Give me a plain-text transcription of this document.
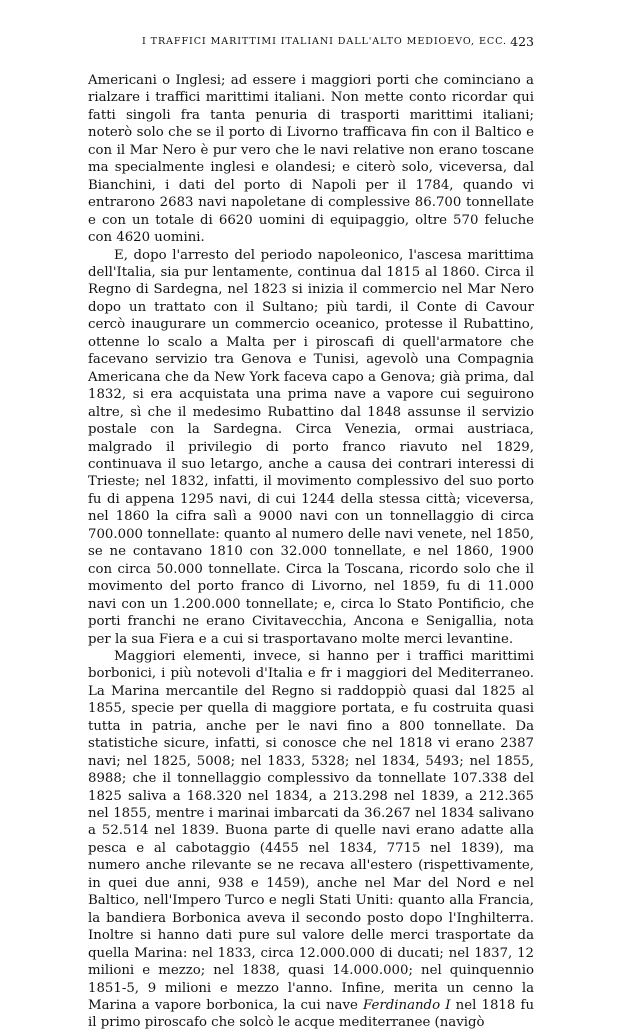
I TRAFFICI MARITTIMI ITALIANI DALL'ALTO MEDIOEVO, ECC. 423

Americani o Inglesi; ad essere i maggiori porti che cominciano a rialzare i traffici marittimi italiani. Non mette conto ricordar qui fatti singoli fra tanta penuria di trasporti marittimi italiani; noterò solo che se il porto di Livorno trafficava fin con il Baltico e con il Mar Nero è pur vero che le navi relative non erano toscane ma specialmente inglesi e olandesi; e citerò solo, viceversa, dal Bianchini, i dati del porto di Napoli per il 1784, quando vi entrarono 2683 navi napoletane di complessive 86.700 tonnellate e con un totale di 6620 uomini di equipaggio, oltre 570 feluche con 4620 uomini.

E, dopo l'arresto del periodo napoleonico, l'ascesa marittima dell'Italia, sia pur lentamente, continua dal 1815 al 1860. Circa il Regno di Sardegna, nel 1823 si inizia il commercio nel Mar Nero dopo un trattato con il Sultano; più tardi, il Conte di Cavour cercò inaugurare un commercio oceanico, protesse il Rubattino, ottenne lo scalo a Malta per i piroscafi di quell'armatore che facevano servizio tra Genova e Tunisi, agevolò una Compagnia Americana che da New York faceva capo a Genova; già prima, dal 1832, si era acquistata una prima nave a vapore cui seguirono altre, sì che il medesimo Rubattino dal 1848 assunse il servizio postale con la Sardegna. Circa Venezia, ormai austriaca, malgrado il privilegio di porto franco riavuto nel 1829, continuava il suo letargo, anche a causa dei contrari interessi di Trieste; nel 1832, infatti, il movimento complessivo del suo porto fu di appena 1295 navi, di cui 1244 della stessa città; viceversa, nel 1860 la cifra salì a 9000 navi con un tonnellaggio di circa 700.000 tonnellate: quanto al numero delle navi venete, nel 1850, se ne contavano 1810 con 32.000 tonnellate, e nel 1860, 1900 con circa 50.000 tonnellate. Circa la Toscana, ricordo solo che il movimento del porto franco di Livorno, nel 1859, fu di 11.000 navi con un 1.200.000 tonnellate; e, circa lo Stato Pontificio, che porti franchi ne erano Civitavecchia, Ancona e Senigallia, nota per la sua Fiera e a cui si trasportavano molte merci levantine.

Maggiori elementi, invece, si hanno per i traffici marittimi borbonici, i più notevoli d'Italia e fr i maggiori del Mediterraneo. La Marina mercantile del Regno si raddoppiò quasi dal 1825 al 1855, specie per quella di maggiore portata, e fu costruita quasi tutta in patria, anche per le navi fino a 800 tonnellate. Da statistiche sicure, infatti, si conosce che nel 1818 vi erano 2387 navi; nel 1825, 5008; nel 1833, 5328; nel 1834, 5493; nel 1855, 8988; che il tonnellaggio complessivo da tonnellate 107.338 del 1825 saliva a 168.320 nel 1834, a 213.298 nel 1839, a 212.365 nel 1855, mentre i marinai imbarcati da 36.267 nel 1834 salivano a 52.514 nel 1839. Buona parte di quelle navi erano adatte alla pesca e al cabotaggio (4455 nel 1834, 7715 nel 1839), ma numero anche rilevante se ne recava all'estero (rispettivamente, in quei due anni, 938 e 1459), anche nel Mar del Nord e nel Baltico, nell'Impero Turco e negli Stati Uniti: quanto alla Francia, la bandiera Borbonica aveva il secondo posto dopo l'Inghilterra. Inoltre si hanno dati pure sul valore delle merci trasportate da quella Marina: nel 1833, circa 12.000.000 di ducati; nel 1837, 12 milioni e mezzo; nel 1838, quasi 14.000.000; nel quinquennio 1851-5, 9 milioni e mezzo l'anno. Infine, merita un cenno la Marina a vapore borbonica, la cui nave Ferdinando I nel 1818 fu il primo piroscafo che solcò le acque mediterranee (navigò
